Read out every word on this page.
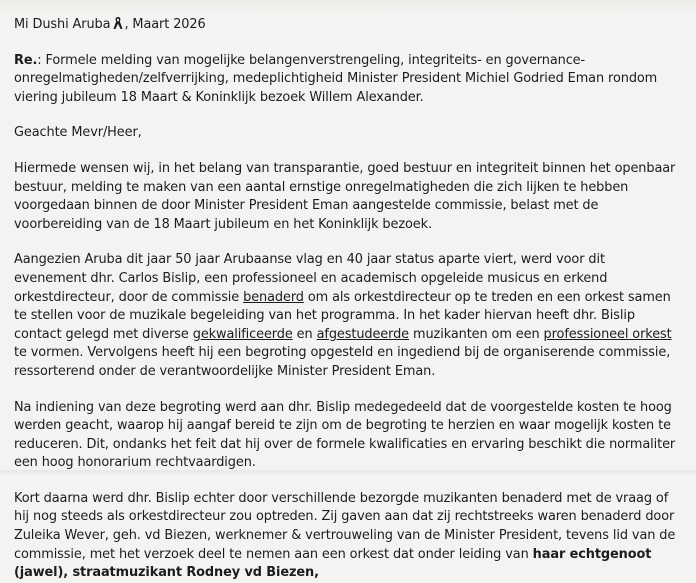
Mi Dushi Aruba , Maart 2026

Re.: Formele melding van mogelijke belangenverstrengeling, integriteits- en governance-onregelmatigheden/zelfverrijking, medeplichtigheid Minister President Michiel Godried Eman rondom viering jubileum 18 Maart & Koninklijk bezoek Willem Alexander.

Geachte Mevr/Heer,

Hiermede wensen wij, in het belang van transparantie, goed bestuur en integriteit binnen het openbaar bestuur, melding te maken van een aantal ernstige onregelmatigheden die zich lijken te hebben voorgedaan binnen de door Minister President Eman aangestelde commissie, belast met de voorbereiding van de 18 Maart jubileum en het Koninklijk bezoek.

Aangezien Aruba dit jaar 50 jaar Arubaanse vlag en 40 jaar status aparte viert, werd voor dit evenement dhr. Carlos Bislip, een professioneel en academisch opgeleide musicus en erkend orkestdirecteur, door de commissie benaderd om als orkestdirecteur op te treden en een orkest samen te stellen voor de muzikale begeleiding van het programma. In het kader hiervan heeft dhr. Bislip contact gelegd met diverse gekwalificeerde en afgestudeerde muzikanten om een professioneel orkest te vormen. Vervolgens heeft hij een begroting opgesteld en ingediend bij de organiserende commissie, ressorterend onder de verantwoordelijke Minister President Eman.

Na indiening van deze begroting werd aan dhr. Bislip medegedeeld dat de voorgestelde kosten te hoog werden geacht, waarop hij aangaf bereid te zijn om de begroting te herzien en waar mogelijk kosten te reduceren. Dit, ondanks het feit dat hij over de formele kwalificaties en ervaring beschikt die normaliter een hoog honorarium rechtvaardigen.

Kort daarna werd dhr. Bislip echter door verschillende bezorgde muzikanten benaderd met de vraag of hij nog steeds als orkestdirecteur zou optreden. Zij gaven aan dat zij rechtstreeks waren benaderd door Zuleika Wever, geh. vd Biezen, werknemer & vertrouweling van de Minister President, tevens lid van de commissie, met het verzoek deel te nemen aan een orkest dat onder leiding van haar echtgenoot (jawel), straatmuzikant Rodney vd Biezen,
